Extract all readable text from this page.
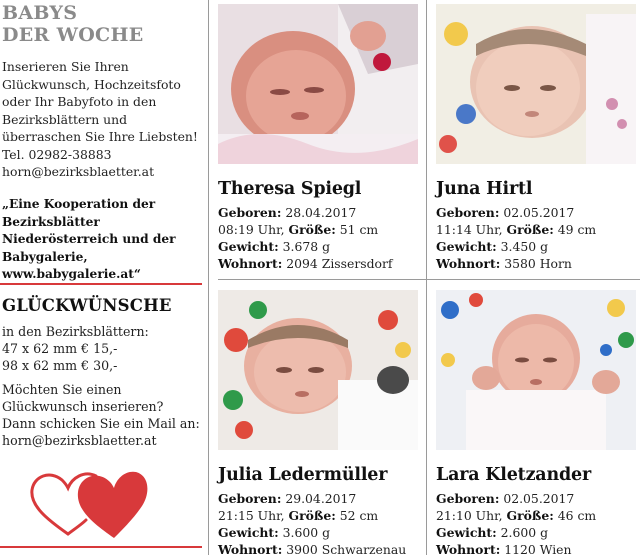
BABYS
DER WOCHE
Inserieren Sie Ihren Glückwunsch, Hochzeitsfoto oder Ihr Babyfoto in den Bezirksblättern und überraschen Sie Ihre Liebsten!
Tel. 02982-38883
horn@bezirksblaetter.at
„Eine Kooperation der Bezirksblätter Niederösterreich und der Babygalerie, www.babygalerie.at“
GLÜCKWÜNSCHE
in den Bezirksblättern:
47 x 62 mm € 15,-
98 x 62 mm € 30,-
Möchten Sie einen Glückwunsch inserieren?
Dann schicken Sie ein Mail an:
horn@bezirksblaetter.at
Theresa Spiegl
Geboren: 28.04.2017
08:19 Uhr, Größe: 51 cm
Gewicht: 3.678 g
Wohnort: 2094 Zissersdorf
Juna Hirtl
Geboren: 02.05.2017
11:14 Uhr, Größe: 49 cm
Gewicht: 3.450 g
Wohnort: 3580 Horn
Julia Ledermüller
Geboren: 29.04.2017
21:15 Uhr, Größe: 52 cm
Gewicht: 3.600 g
Wohnort: 3900 Schwarzenau
Lara Kletzander
Geboren: 02.05.2017
21:10 Uhr, Größe: 46 cm
Gewicht: 2.600 g
Wohnort: 1120 Wien
